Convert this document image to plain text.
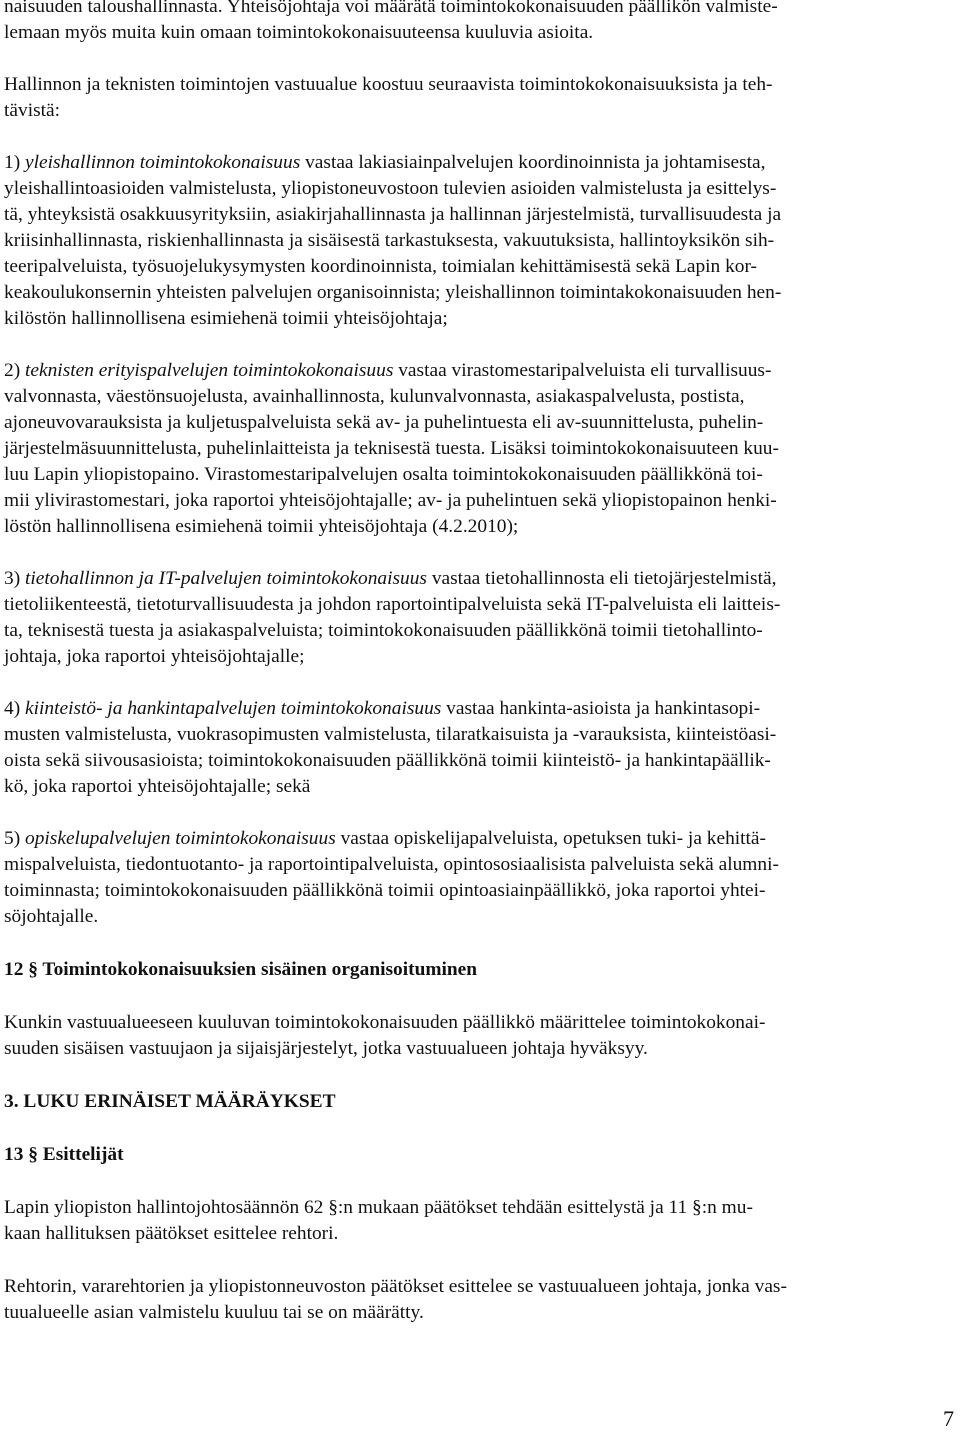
naisuuden taloushallinnasta. Yhteisöjohtaja voi määrätä toimintokokonaisuuden päällikön valmiste-
lemaan myös muita kuin omaan toimintokokonaisuuteensa kuuluvia asioita.

Hallinnon ja teknisten toimintojen vastuualue koostuu seuraavista toimintokokonaisuuksista ja teh-
tävistä:

1) yleishallinnon toimintokokonaisuus vastaa lakiasiainpalvelujen koordinoinnista ja johtamisesta,
yleishallintoasioiden valmistelusta, yliopistoneuvostoon tulevien asioiden valmistelusta ja esittelys-
tä, yhteyksistä osakkuusyrityksiin, asiakirjahallinnasta ja hallinnan järjestelmistä, turvallisuudesta ja
kriisinhallinnasta, riskienhallinnasta ja sisäisestä tarkastuksesta, vakuutuksista, hallintoyksikön sih-
teeripalveluista, työsuojelukysymysten koordinoinnista, toimialan kehittämisestä sekä Lapin kor-
keakoulukonsernin yhteisten palvelujen organisoinnista; yleishallinnon toimintakokonaisuuden hen-
kilöstön hallinnollisena esimiehenä toimii yhteisöjohtaja;

2) teknisten erityispalvelujen toimintokokonaisuus vastaa virastomestaripalveluista eli turvallisuus-
valvonnasta, väestönsuojelusta, avainhallinnosta, kulunvalvonnasta, asiakaspalvelusta, postista,
ajoneuvovarauksista ja kuljetuspalveluista sekä av- ja puhelintuesta eli av-suunnittelusta, puhelin-
järjestelmäsuunnittelusta, puhelinlaitteista ja teknisestä tuesta. Lisäksi toimintokokonaisuuteen kuu-
luu Lapin yliopistopaino. Virastomestaripalvelujen osalta toimintokokonaisuuden päällikkönä toi-
mii ylivirastomestari, joka raportoi yhteisöjohtajalle; av- ja puhelintuen sekä yliopistopainon henki-
löstön hallinnollisena esimiehenä toimii yhteisöjohtaja (4.2.2010);

3) tietohallinnon ja IT-palvelujen toimintokokonaisuus vastaa tietohallinnosta eli tietojärjestelmistä,
tietoliikenteestä, tietoturvallisuudesta ja johdon raportointipalveluista sekä IT-palveluista eli laitteis-
ta, teknisestä tuesta ja asiakaspalveluista; toimintokokonaisuuden päällikkönä toimii tietohallinto-
johtaja, joka raportoi yhteisöjohtajalle;

4) kiinteistö- ja hankintapalvelujen toimintokokonaisuus vastaa hankinta-asioista ja hankintasopi-
musten valmistelusta, vuokrasopimusten valmistelusta, tilaratkaisuista ja -varauksista, kiinteistöasi-
oista sekä siivousasioista; toimintokokonaisuuden päällikkönä toimii kiinteistö- ja hankintapäällik-
kö, joka raportoi yhteisöjohtajalle; sekä

5) opiskelupalvelujen toimintokokonaisuus vastaa opiskelijapalveluista, opetuksen tuki- ja kehittä-
mispalveluista, tiedontuotanto- ja raportointipalveluista, opintososiaalisista palveluista sekä alumni-
toiminnasta; toimintokokonaisuuden päällikkönä toimii opintoasiainpäällikkö, joka raportoi yhtei-
söjohtajalle.

12 § Toimintokokonaisuuksien sisäinen organisoituminen

Kunkin vastuualueeseen kuuluvan toimintokokonaisuuden päällikkö määrittelee toimintokokonai-
suuden sisäisen vastuujaon ja sijaisjärjestelyt, jotka vastuualueen johtaja hyväksyy.

3. LUKU ERINÄISET MÄÄRÄYKSET

13 § Esittelijät

Lapin yliopiston hallintojohtosäännön 62 §:n mukaan päätökset tehdään esittelystä ja 11 §:n mu-
kaan hallituksen päätökset esittelee rehtori.

Rehtorin, vararehtorien ja yliopistonneuvoston päätökset esittelee se vastuualueen johtaja, jonka vas-
tuualueelle asian valmistelu kuuluu tai se on määrätty.

7
